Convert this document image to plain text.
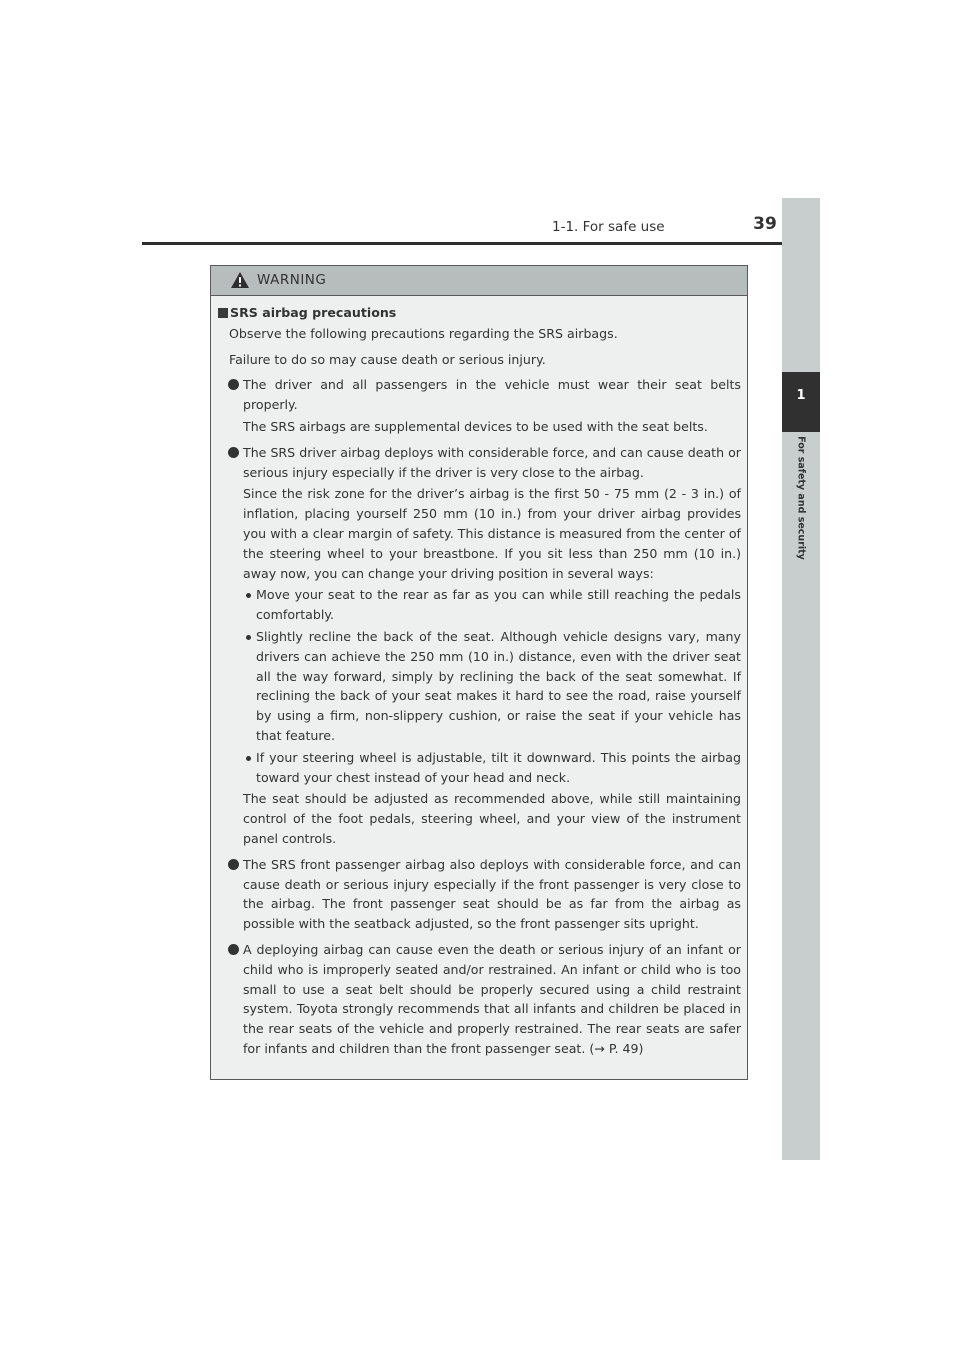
1-1. For safe use	39
1
For safety and security
WARNING
SRS airbag precautions
Observe the following precautions regarding the SRS airbags.
Failure to do so may cause death or serious injury.
The driver and all passengers in the vehicle must wear their seat belts properly.
The SRS airbags are supplemental devices to be used with the seat belts.
The SRS driver airbag deploys with considerable force, and can cause death or serious injury especially if the driver is very close to the airbag.
Since the risk zone for the driver’s airbag is the first 50 - 75 mm (2 - 3 in.) of inflation, placing yourself 250 mm (10 in.) from your driver airbag provides you with a clear margin of safety. This distance is measured from the center of the steering wheel to your breastbone. If you sit less than 250 mm (10 in.) away now, you can change your driving position in several ways:
Move your seat to the rear as far as you can while still reaching the pedals comfortably.
Slightly recline the back of the seat. Although vehicle designs vary, many drivers can achieve the 250 mm (10 in.) distance, even with the driver seat all the way forward, simply by reclining the back of the seat somewhat. If reclining the back of your seat makes it hard to see the road, raise yourself by using a firm, non-slippery cushion, or raise the seat if your vehicle has that feature.
If your steering wheel is adjustable, tilt it downward. This points the airbag toward your chest instead of your head and neck.
The seat should be adjusted as recommended above, while still maintaining control of the foot pedals, steering wheel, and your view of the instrument panel controls.
The SRS front passenger airbag also deploys with considerable force, and can cause death or serious injury especially if the front passenger is very close to the airbag. The front passenger seat should be as far from the airbag as possible with the seatback adjusted, so the front passenger sits upright.
A deploying airbag can cause even the death or serious injury of an infant or child who is improperly seated and/or restrained. An infant or child who is too small to use a seat belt should be properly secured using a child restraint system. Toyota strongly recommends that all infants and children be placed in the rear seats of the vehicle and properly restrained. The rear seats are safer for infants and children than the front passenger seat. (→ P. 49)
